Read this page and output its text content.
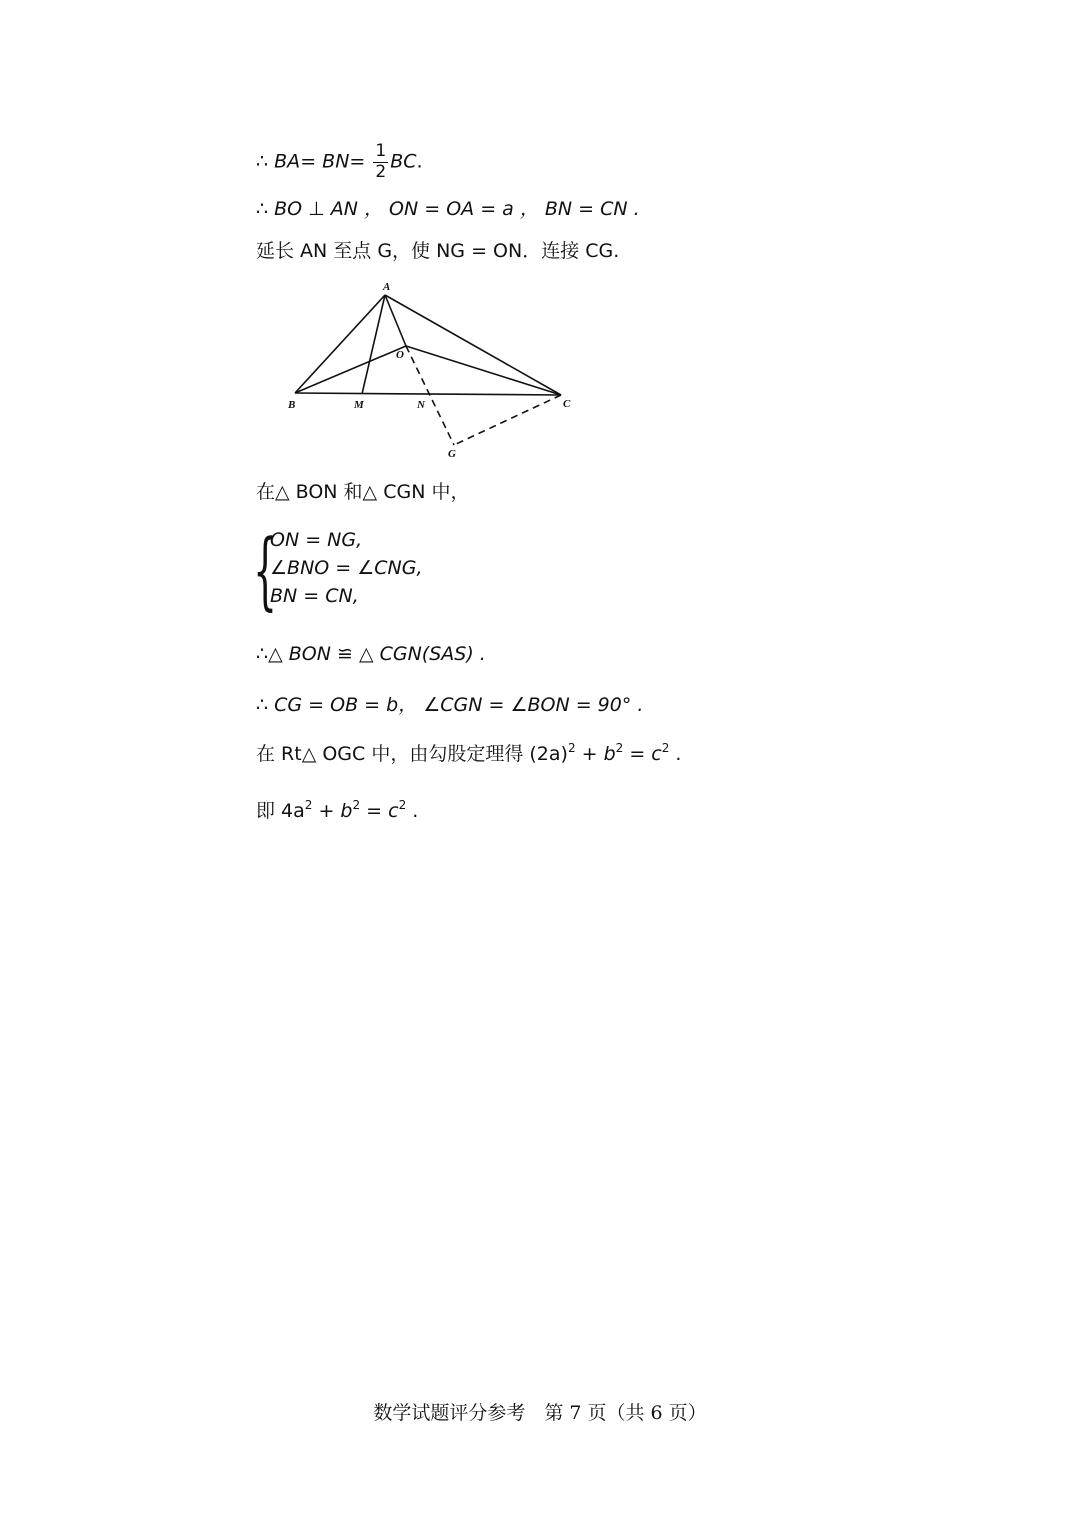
∴ $BA= BN= \frac{1}{2}$ BC.
∴ BO ⊥ AN ， ON = OA = a ， BN = CN .
延长 AN 至点 G，使 NG = ON．连接 CG.
A
B	C
M	N
O
G
在△ BON 和△ CGN 中，
{
ON = NG,
∠BNO = ∠CNG,
BN = CN,
∴△ BON ≌ △ CGN(SAS) .
∴ CG = OB = b， ∠CGN = ∠BON = 90° .
在 Rt△ OGC 中，由勾股定理得 $(2a)^2 + b^2 = c^2$ .
即 $4a^2 + b^2 = c^2$ .
数学试题评分参考　第 7 页（共 6 页）
